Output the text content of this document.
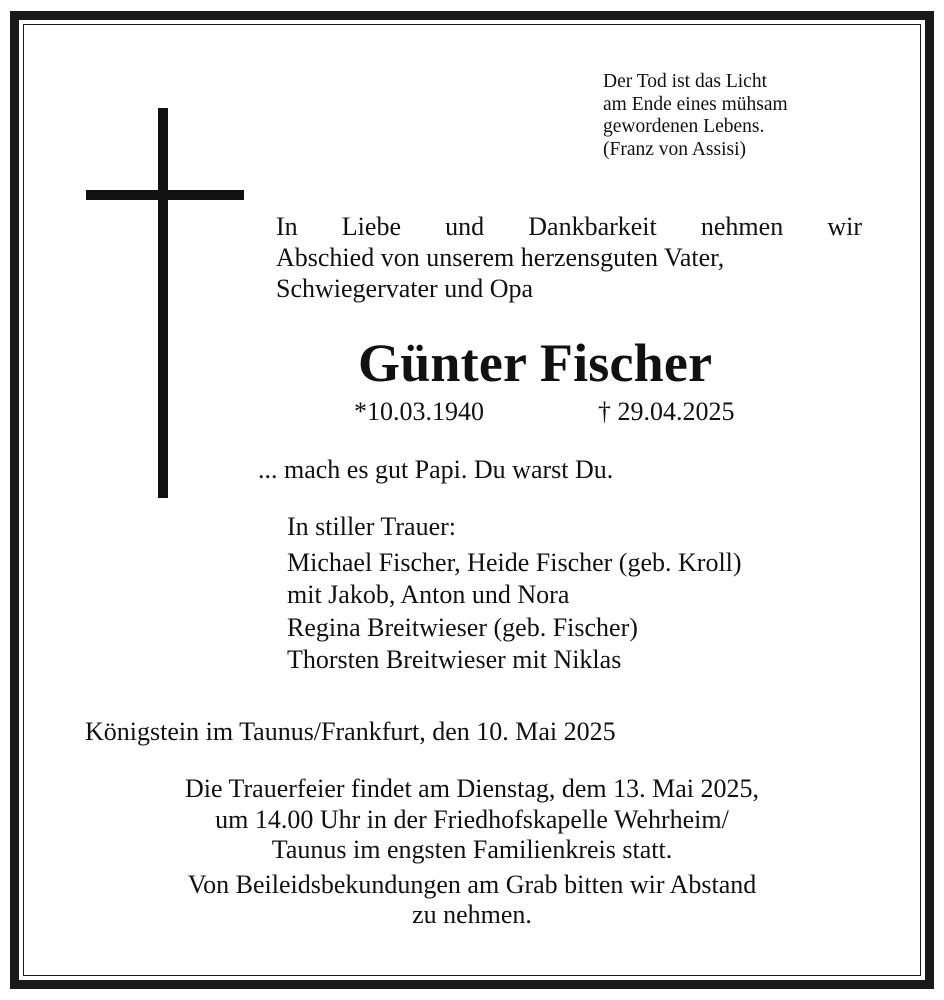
Der Tod ist das Licht
am Ende eines mühsam
gewordenen Lebens.
(Franz von Assisi)
In Liebe und Dankbarkeit nehmen wir
Abschied von unserem herzensguten Vater,
Schwiegervater und Opa
Günter Fischer
*10.03.1940	† 29.04.2025
... mach es gut Papi. Du warst Du.
In stiller Trauer:
Michael Fischer, Heide Fischer (geb. Kroll)
mit Jakob, Anton und Nora
Regina Breitwieser (geb. Fischer)
Thorsten Breitwieser mit Niklas
Königstein im Taunus/Frankfurt, den 10. Mai 2025
Die Trauerfeier findet am Dienstag, dem 13. Mai 2025,
um 14.00 Uhr in der Friedhofskapelle Wehrheim/
Taunus im engsten Familienkreis statt.
Von Beileidsbekundungen am Grab bitten wir Abstand
zu nehmen.
